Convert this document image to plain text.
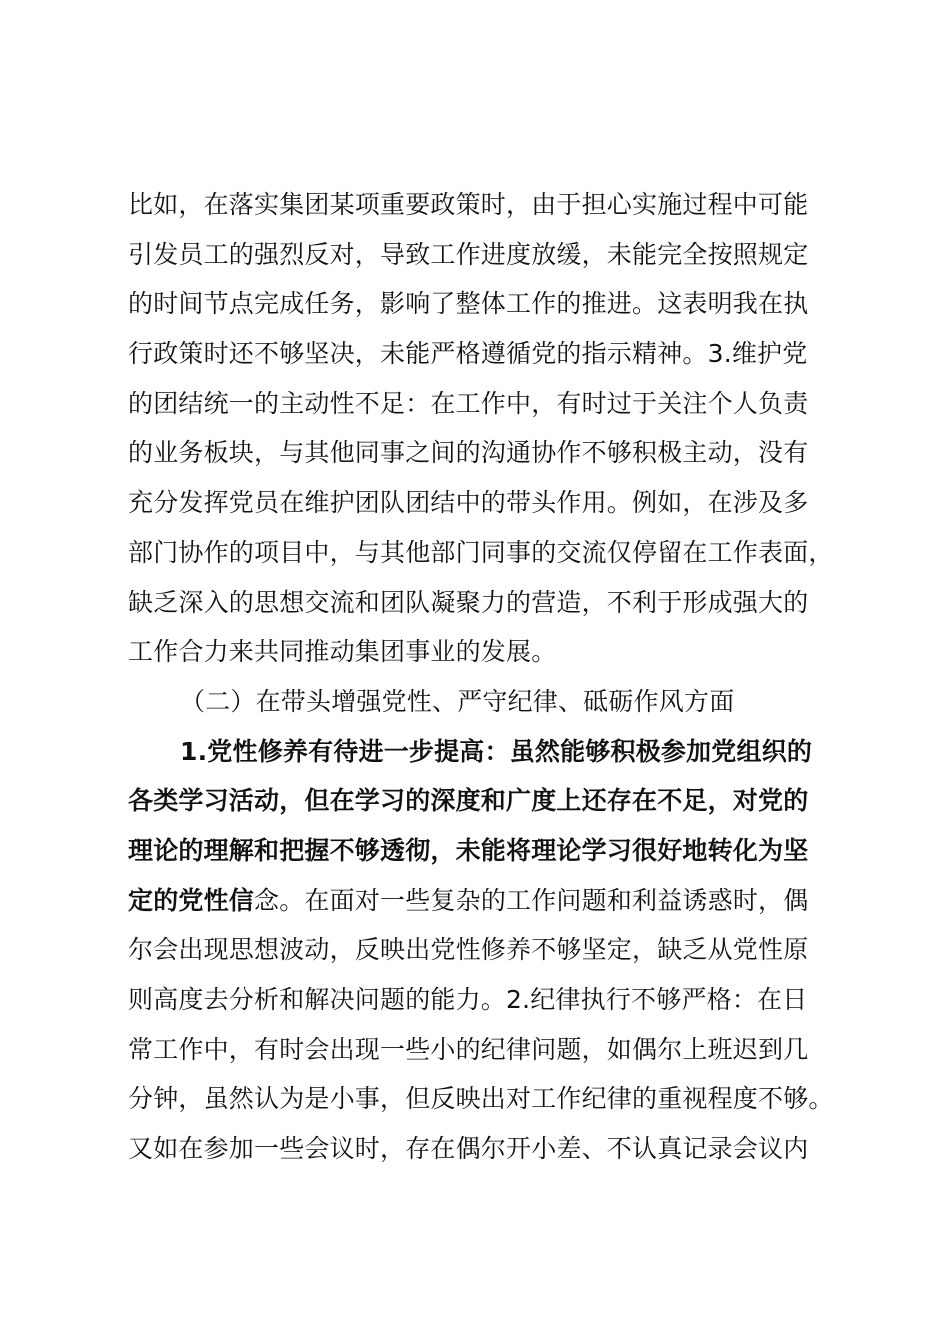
比如，在落实集团某项重要政策时，由于担心实施过程中可能
引发员工的强烈反对，导致工作进度放缓，未能完全按照规定
的时间节点完成任务，影响了整体工作的推进。这表明我在执
行政策时还不够坚决，未能严格遵循党的指示精神。3.维护党
的团结统一的主动性不足：在工作中，有时过于关注个人负责
的业务板块，与其他同事之间的沟通协作不够积极主动，没有
充分发挥党员在维护团队团结中的带头作用。例如，在涉及多
部门协作的项目中，与其他部门同事的交流仅停留在工作表面，
缺乏深入的思想交流和团队凝聚力的营造，不利于形成强大的
工作合力来共同推动集团事业的发展。
（二）在带头增强党性、严守纪律、砥砺作风方面
1.党性修养有待进一步提高：虽然能够积极参加党组织的
各类学习活动，但在学习的深度和广度上还存在不足，对党的
理论的理解和把握不够透彻，未能将理论学习很好地转化为坚
定的党性信念。在面对一些复杂的工作问题和利益诱惑时，偶
尔会出现思想波动，反映出党性修养不够坚定，缺乏从党性原
则高度去分析和解决问题的能力。2.纪律执行不够严格：在日
常工作中，有时会出现一些小的纪律问题，如偶尔上班迟到几
分钟，虽然认为是小事，但反映出对工作纪律的重视程度不够。
又如在参加一些会议时，存在偶尔开小差、不认真记录会议内
